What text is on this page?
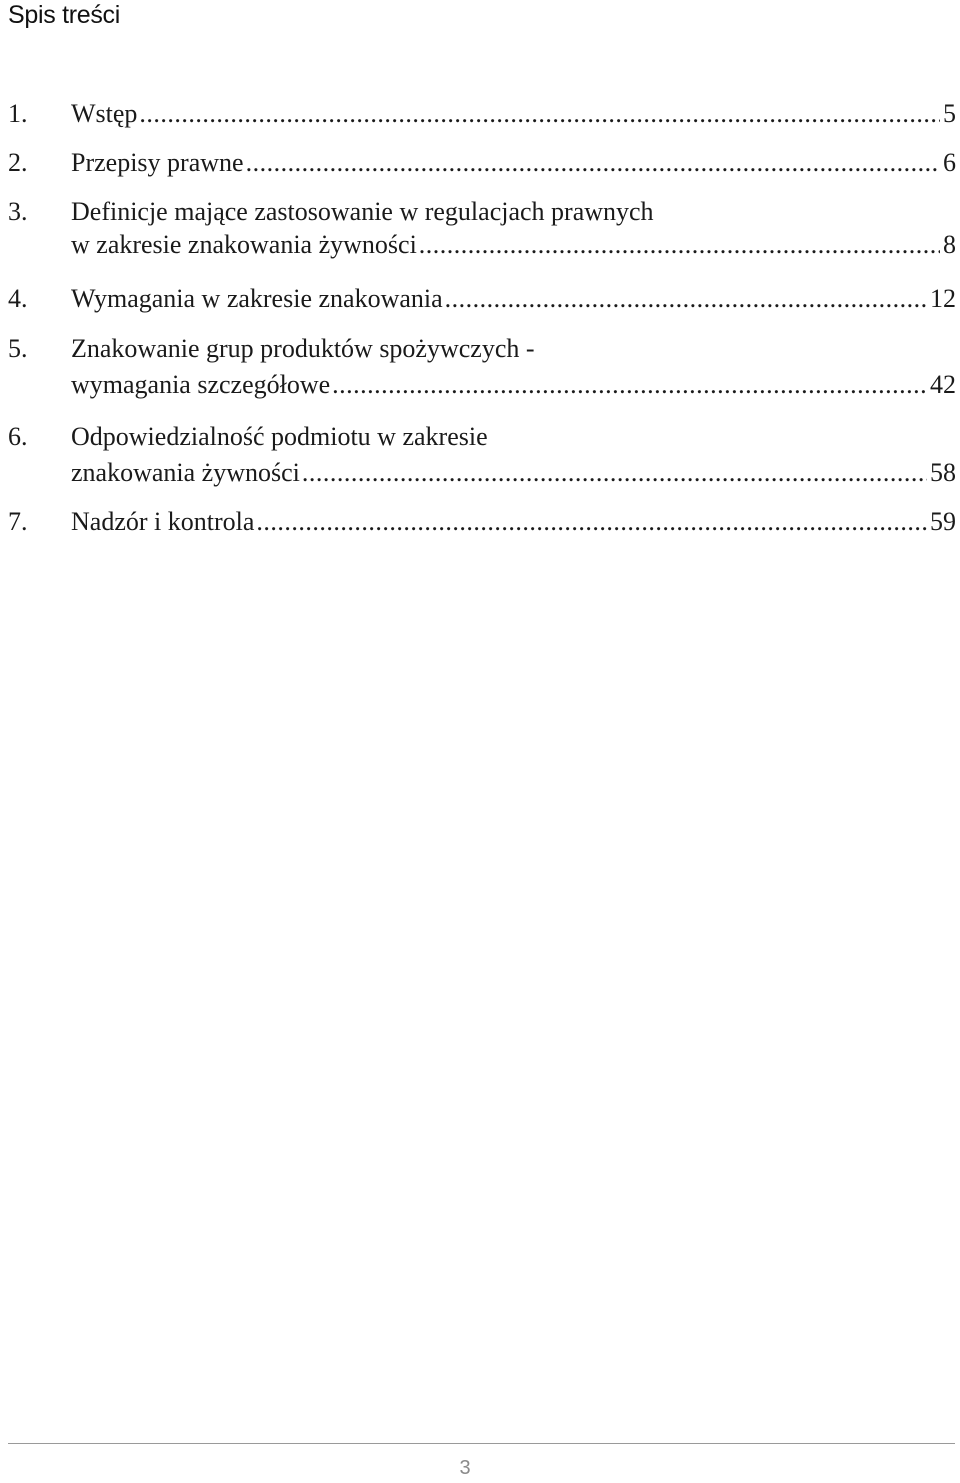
Spis treści
1. Wstęp .....	5
2. Przepisy prawne .....	6
3. Definicje mające zastosowanie w regulacjach prawnych
w zakresie znakowania żywności .....	8
4. Wymagania w zakresie znakowania .....	12
5. Znakowanie grup produktów spożywczych -
wymagania szczegółowe .....	42
6. Odpowiedzialność podmiotu w zakresie
znakowania żywności .....	58
7. Nadzór i kontrola .....	59
3
